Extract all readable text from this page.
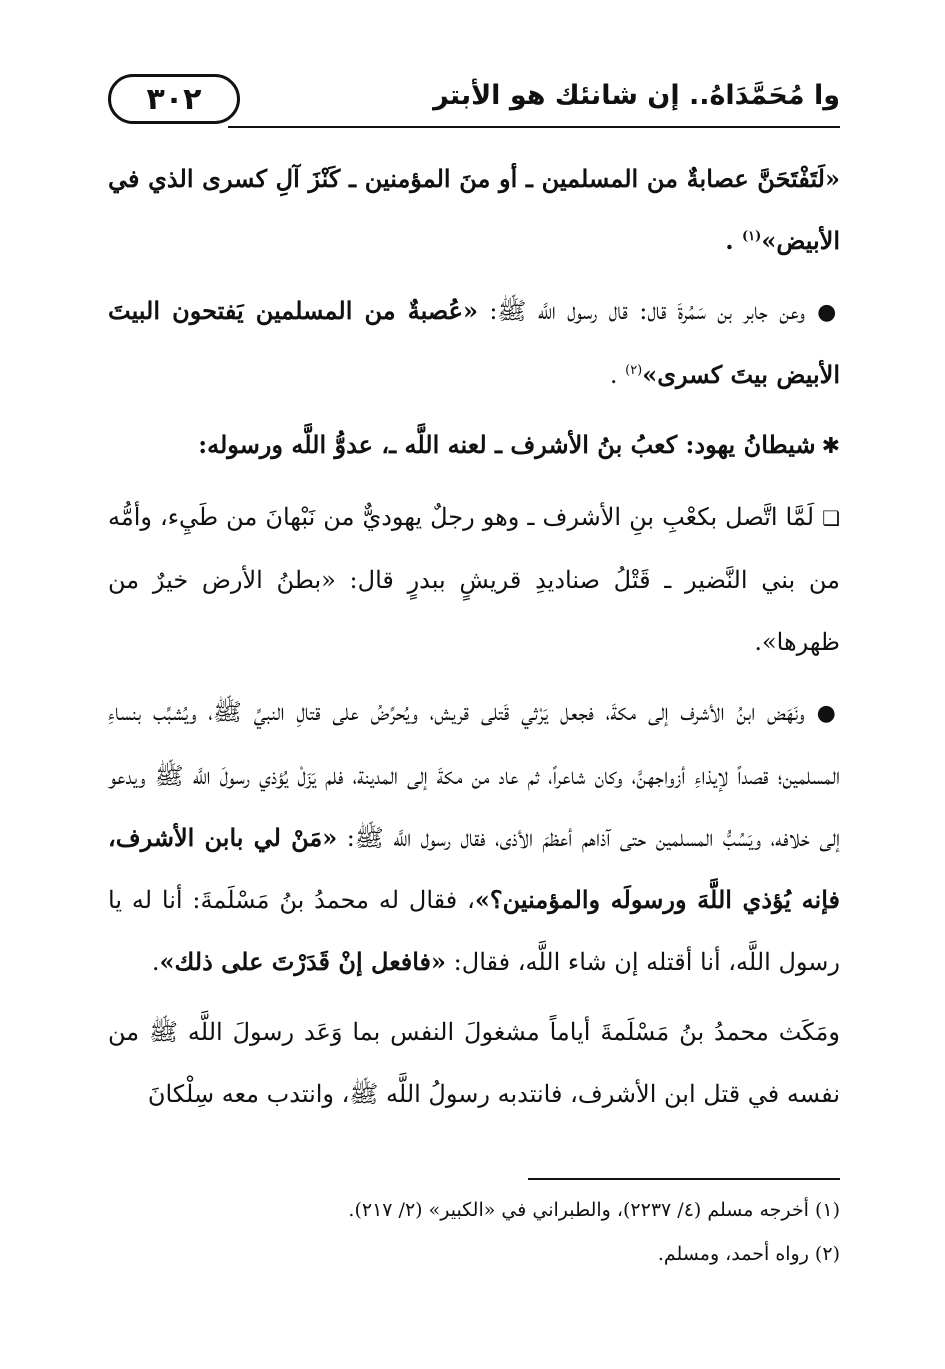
٣٠٢	وا مُحَمَّدَاهُ.. إن شانئك هو الأبتر

«لَتَفْتَحَنَّ عصابةٌ من المسلمين ـ أو منَ المؤمنين ـ كَنْزَ آلِ كسرى الذي في الأبيض»$^{(١)}$ .

●وعن جابر بن سَمُرةَ قال: قال رسول اللَّه ﷺ: «عُصبةٌ من المسلمين يَفتحون البيتَ الأبيض بيتَ كسرى»$^{(٢)}$ .

✱شيطانُ يهود: كعبُ بنُ الأشرف ـ لعنه اللَّه ـ، عدوُّ اللَّه ورسوله:

❏لَمَّا اتَّصل بكعْبِ بنِ الأشرف ـ وهو رجلٌ يهوديٌّ من نَبْهانَ من طَيِء، وأمُّه من بني النَّضير ـ قَتْلُ صناديدِ قريشٍ ببدرٍ قال: «بطنُ الأرض خيرٌ من ظهرها».

●ونَهَض ابنُ الأشرف إلى مكةَ، فجعل يَرْثي قَتلى قريش، ويُحرِّضُ على قتالِ النبيِّ ﷺ، ويُشبِّب بنساءِ المسلمين؛ قصداً لإيذاءِ أزواجهنَّ، وكان شاعراً، ثم عاد من مكةَ إلى المدينة، فلم يَزَلْ يُؤذي رسولَ اللَّه ﷺ ويدعو إلى خلافه، ويَسُبُّ المسلمين حتى آذاهم أعظمَ الأذى، فقال رسول اللَّه ﷺ: «مَنْ لي بابن الأشرف، فإنه يُؤذي اللَّهَ ورسولَه والمؤمنين؟»، فقال له محمدُ بنُ مَسْلَمةَ: أنا له يا رسول اللَّه، أنا أقتله إن شاء اللَّه، فقال: «فافعل إنْ قَدَرْتَ على ذلك».

ومَكَث محمدُ بنُ مَسْلَمةَ أياماً مشغولَ النفس بما وَعَد رسولَ اللَّه ﷺ من نفسه في قتل ابن الأشرف، فانتدبه رسولُ اللَّه ﷺ، وانتدب معه سِلْكانَ

(١) أخرجه مسلم (٤/ ٢٢٣٧)، والطبراني في «الكبير» (٢/ ٢١٧).

(٢) رواه أحمد، ومسلم.
